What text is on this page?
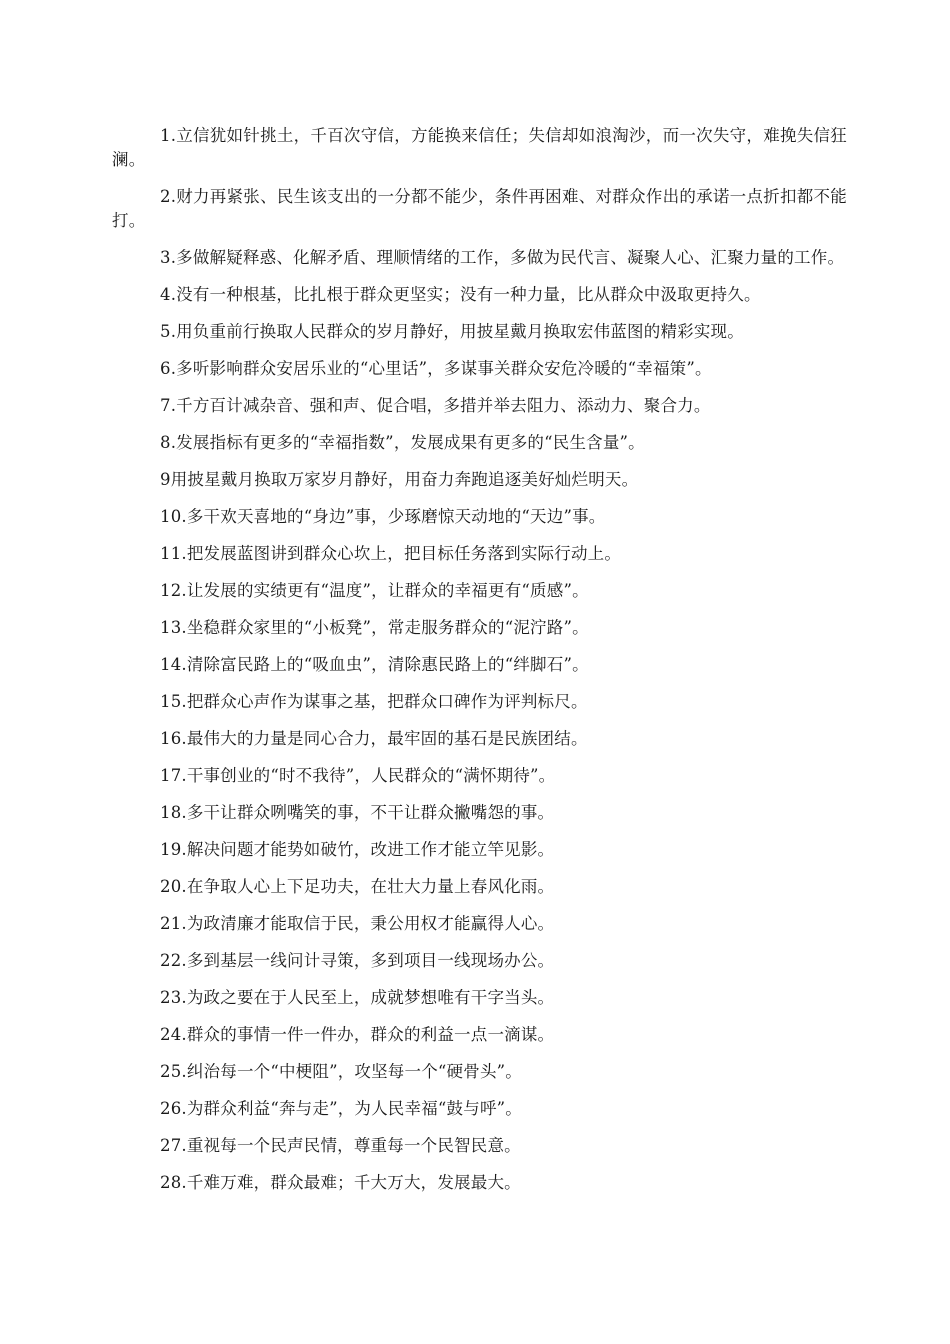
1.立信犹如针挑土，千百次守信，方能换来信任；失信却如浪淘沙，而一次失守，难挽失信狂澜。

2.财力再紧张、民生该支出的一分都不能少，条件再困难、对群众作出的承诺一点折扣都不能打。

3.多做解疑释惑、化解矛盾、理顺情绪的工作，多做为民代言、凝聚人心、汇聚力量的工作。

4.没有一种根基，比扎根于群众更坚实；没有一种力量，比从群众中汲取更持久。

5.用负重前行换取人民群众的岁月静好，用披星戴月换取宏伟蓝图的精彩实现。

6.多听影响群众安居乐业的“心里话”，多谋事关群众安危冷暖的“幸福策”。

7.千方百计减杂音、强和声、促合唱，多措并举去阻力、添动力、聚合力。

8.发展指标有更多的“幸福指数”，发展成果有更多的“民生含量”。

9用披星戴月换取万家岁月静好，用奋力奔跑追逐美好灿烂明天。

10.多干欢天喜地的“身边”事，少琢磨惊天动地的“天边”事。

11.把发展蓝图讲到群众心坎上，把目标任务落到实际行动上。

12.让发展的实绩更有“温度”，让群众的幸福更有“质感”。

13.坐稳群众家里的“小板凳”，常走服务群众的“泥泞路”。

14.清除富民路上的“吸血虫”，清除惠民路上的“绊脚石”。

15.把群众心声作为谋事之基，把群众口碑作为评判标尺。

16.最伟大的力量是同心合力，最牢固的基石是民族团结。

17.干事创业的“时不我待”，人民群众的“满怀期待”。

18.多干让群众咧嘴笑的事，不干让群众撇嘴怨的事。

19.解决问题才能势如破竹，改进工作才能立竿见影。

20.在争取人心上下足功夫，在壮大力量上春风化雨。

21.为政清廉才能取信于民，秉公用权才能赢得人心。

22.多到基层一线问计寻策，多到项目一线现场办公。

23.为政之要在于人民至上，成就梦想唯有干字当头。

24.群众的事情一件一件办，群众的利益一点一滴谋。

25.纠治每一个“中梗阻”，攻坚每一个“硬骨头”。

26.为群众利益“奔与走”，为人民幸福“鼓与呼”。

27.重视每一个民声民情，尊重每一个民智民意。

28.千难万难，群众最难；千大万大，发展最大。
